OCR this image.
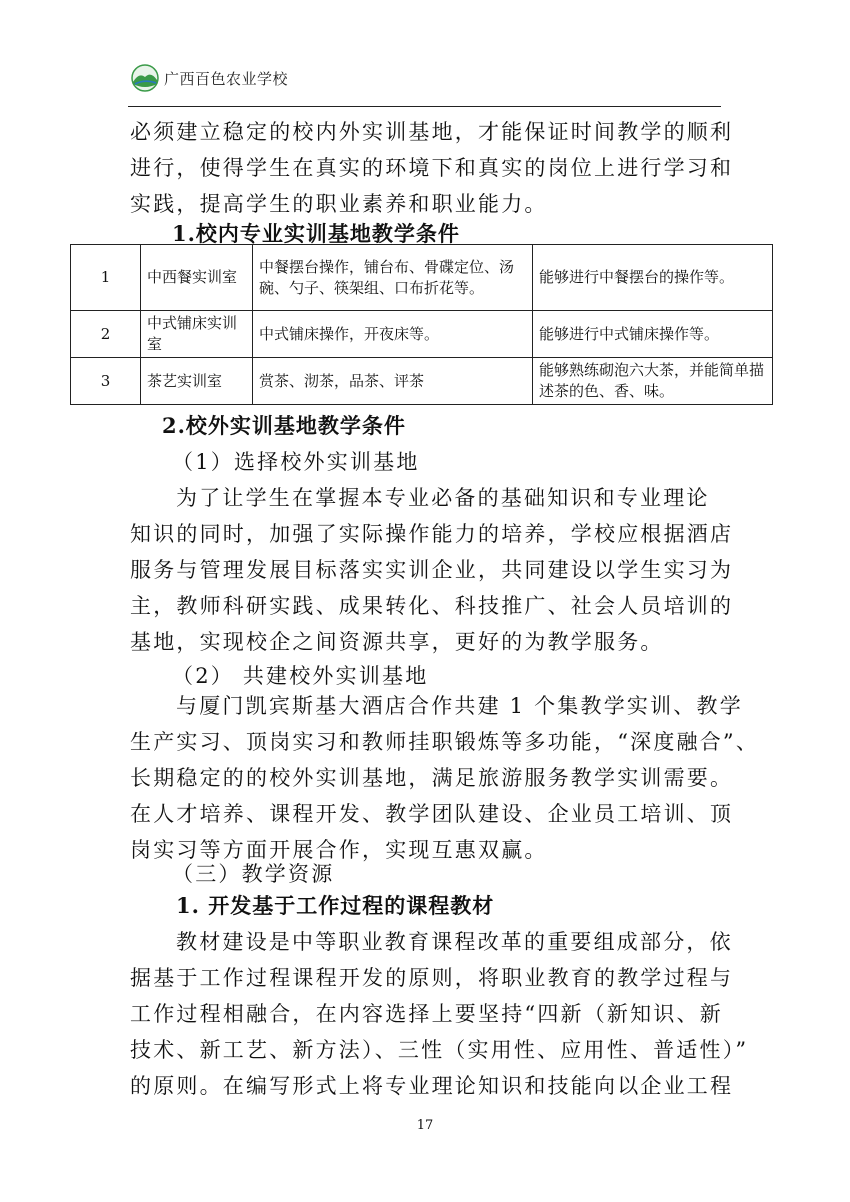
广西百色农业学校
必须建立稳定的校内外实训基地，才能保证时间教学的顺利
进行，使得学生在真实的环境下和真实的岗位上进行学习和
实践，提高学生的职业素养和职业能力。
1.校内专业实训基地教学条件
1	中西餐实训室	中餐摆台操作，铺台布、骨碟定位、汤碗、勺子、筷架组、口布折花等。	能够进行中餐摆台的操作等。
2	中式铺床实训室	中式铺床操作，开夜床等。	能够进行中式铺床操作等。
3	茶艺实训室	赏茶、沏茶，品茶、评茶	能够熟练砌泡六大茶，并能简单描述茶的色、香、味。
2.校外实训基地教学条件
（1）选择校外实训基地
为了让学生在掌握本专业必备的基础知识和专业理论
知识的同时，加强了实际操作能力的培养，学校应根据酒店
服务与管理发展目标落实实训企业，共同建设以学生实习为
主，教师科研实践、成果转化、科技推广、社会人员培训的
基地，实现校企之间资源共享，更好的为教学服务。
（2） 共建校外实训基地
与厦门凯宾斯基大酒店合作共建 1 个集教学实训、教学
生产实习、顶岗实习和教师挂职锻炼等多功能，“深度融合”、
长期稳定的的校外实训基地，满足旅游服务教学实训需要。
在人才培养、课程开发、教学团队建设、企业员工培训、顶
岗实习等方面开展合作，实现互惠双赢。
（三）教学资源
1. 开发基于工作过程的课程教材
教材建设是中等职业教育课程改革的重要组成部分，依
据基于工作过程课程开发的原则，将职业教育的教学过程与
工作过程相融合，在内容选择上要坚持“四新（新知识、新
技术、新工艺、新方法）、三性（实用性、应用性、普适性）”
的原则。在编写形式上将专业理论知识和技能向以企业工程
17
